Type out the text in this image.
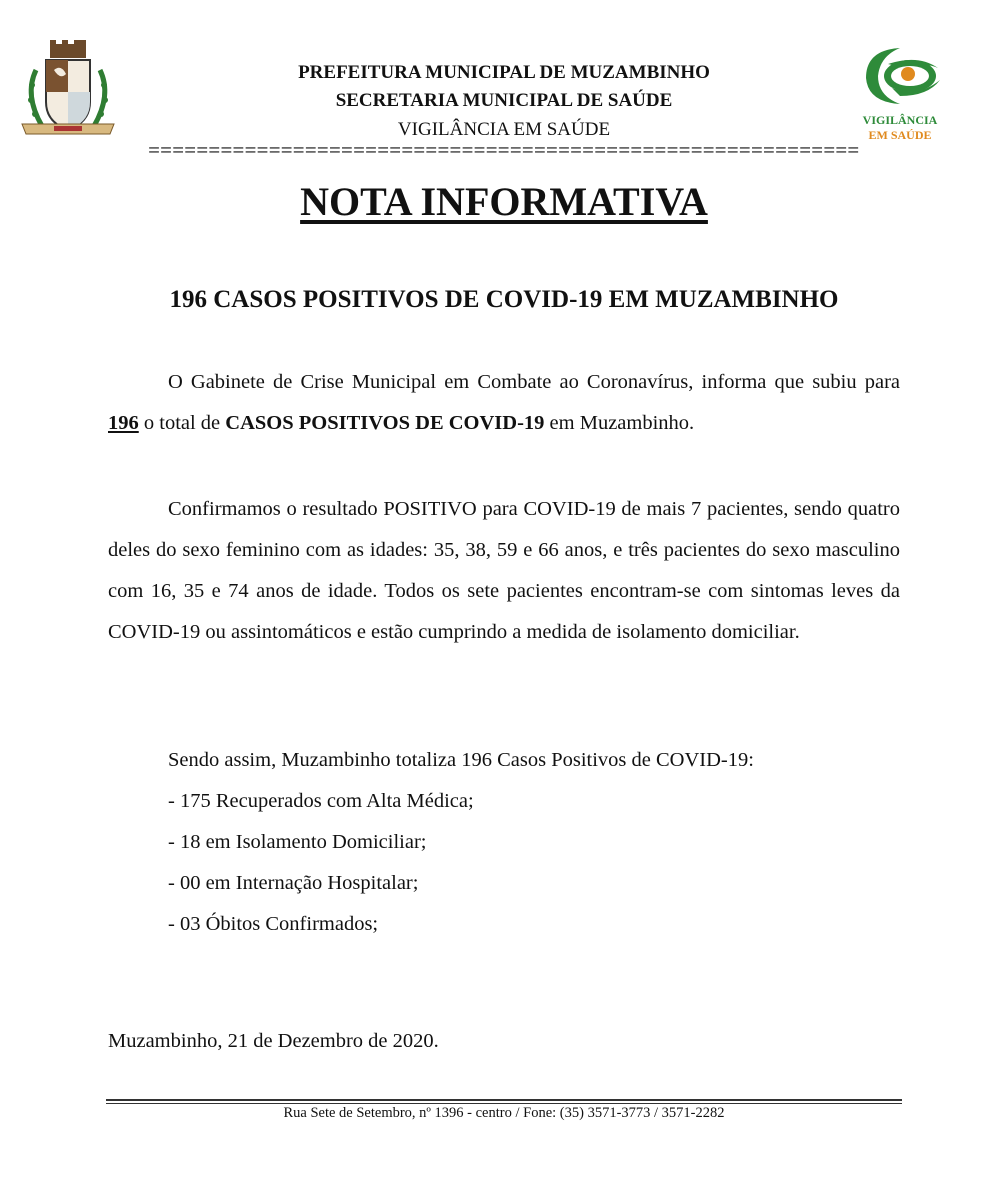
PREFEITURA MUNICIPAL DE MUZAMBINHO
SECRETARIA MUNICIPAL DE SAÚDE
VIGILÂNCIA EM SAÚDE
===========================================================
VIGILÂNCIA
EM SAÚDE
NOTA INFORMATIVA
196 CASOS POSITIVOS DE COVID-19 EM MUZAMBINHO
O Gabinete de Crise Municipal em Combate ao Coronavírus, informa que subiu para 196 o total de CASOS POSITIVOS DE COVID-19 em Muzambinho.
Confirmamos o resultado POSITIVO para COVID-19 de mais 7 pacientes, sendo quatro deles do sexo feminino com as idades: 35, 38, 59 e 66 anos, e três pacientes do sexo masculino com 16, 35 e 74 anos de idade. Todos os sete pacientes encontram-se com sintomas leves da COVID-19 ou assintomáticos e estão cumprindo a medida de isolamento domiciliar.
Sendo assim, Muzambinho totaliza 196 Casos Positivos de COVID-19:
- 175 Recuperados com Alta Médica;
- 18 em Isolamento Domiciliar;
- 00 em Internação Hospitalar;
- 03 Óbitos Confirmados;
Muzambinho, 21 de Dezembro de 2020.
Rua Sete de Setembro, nº 1396 - centro / Fone: (35) 3571-3773 / 3571-2282
